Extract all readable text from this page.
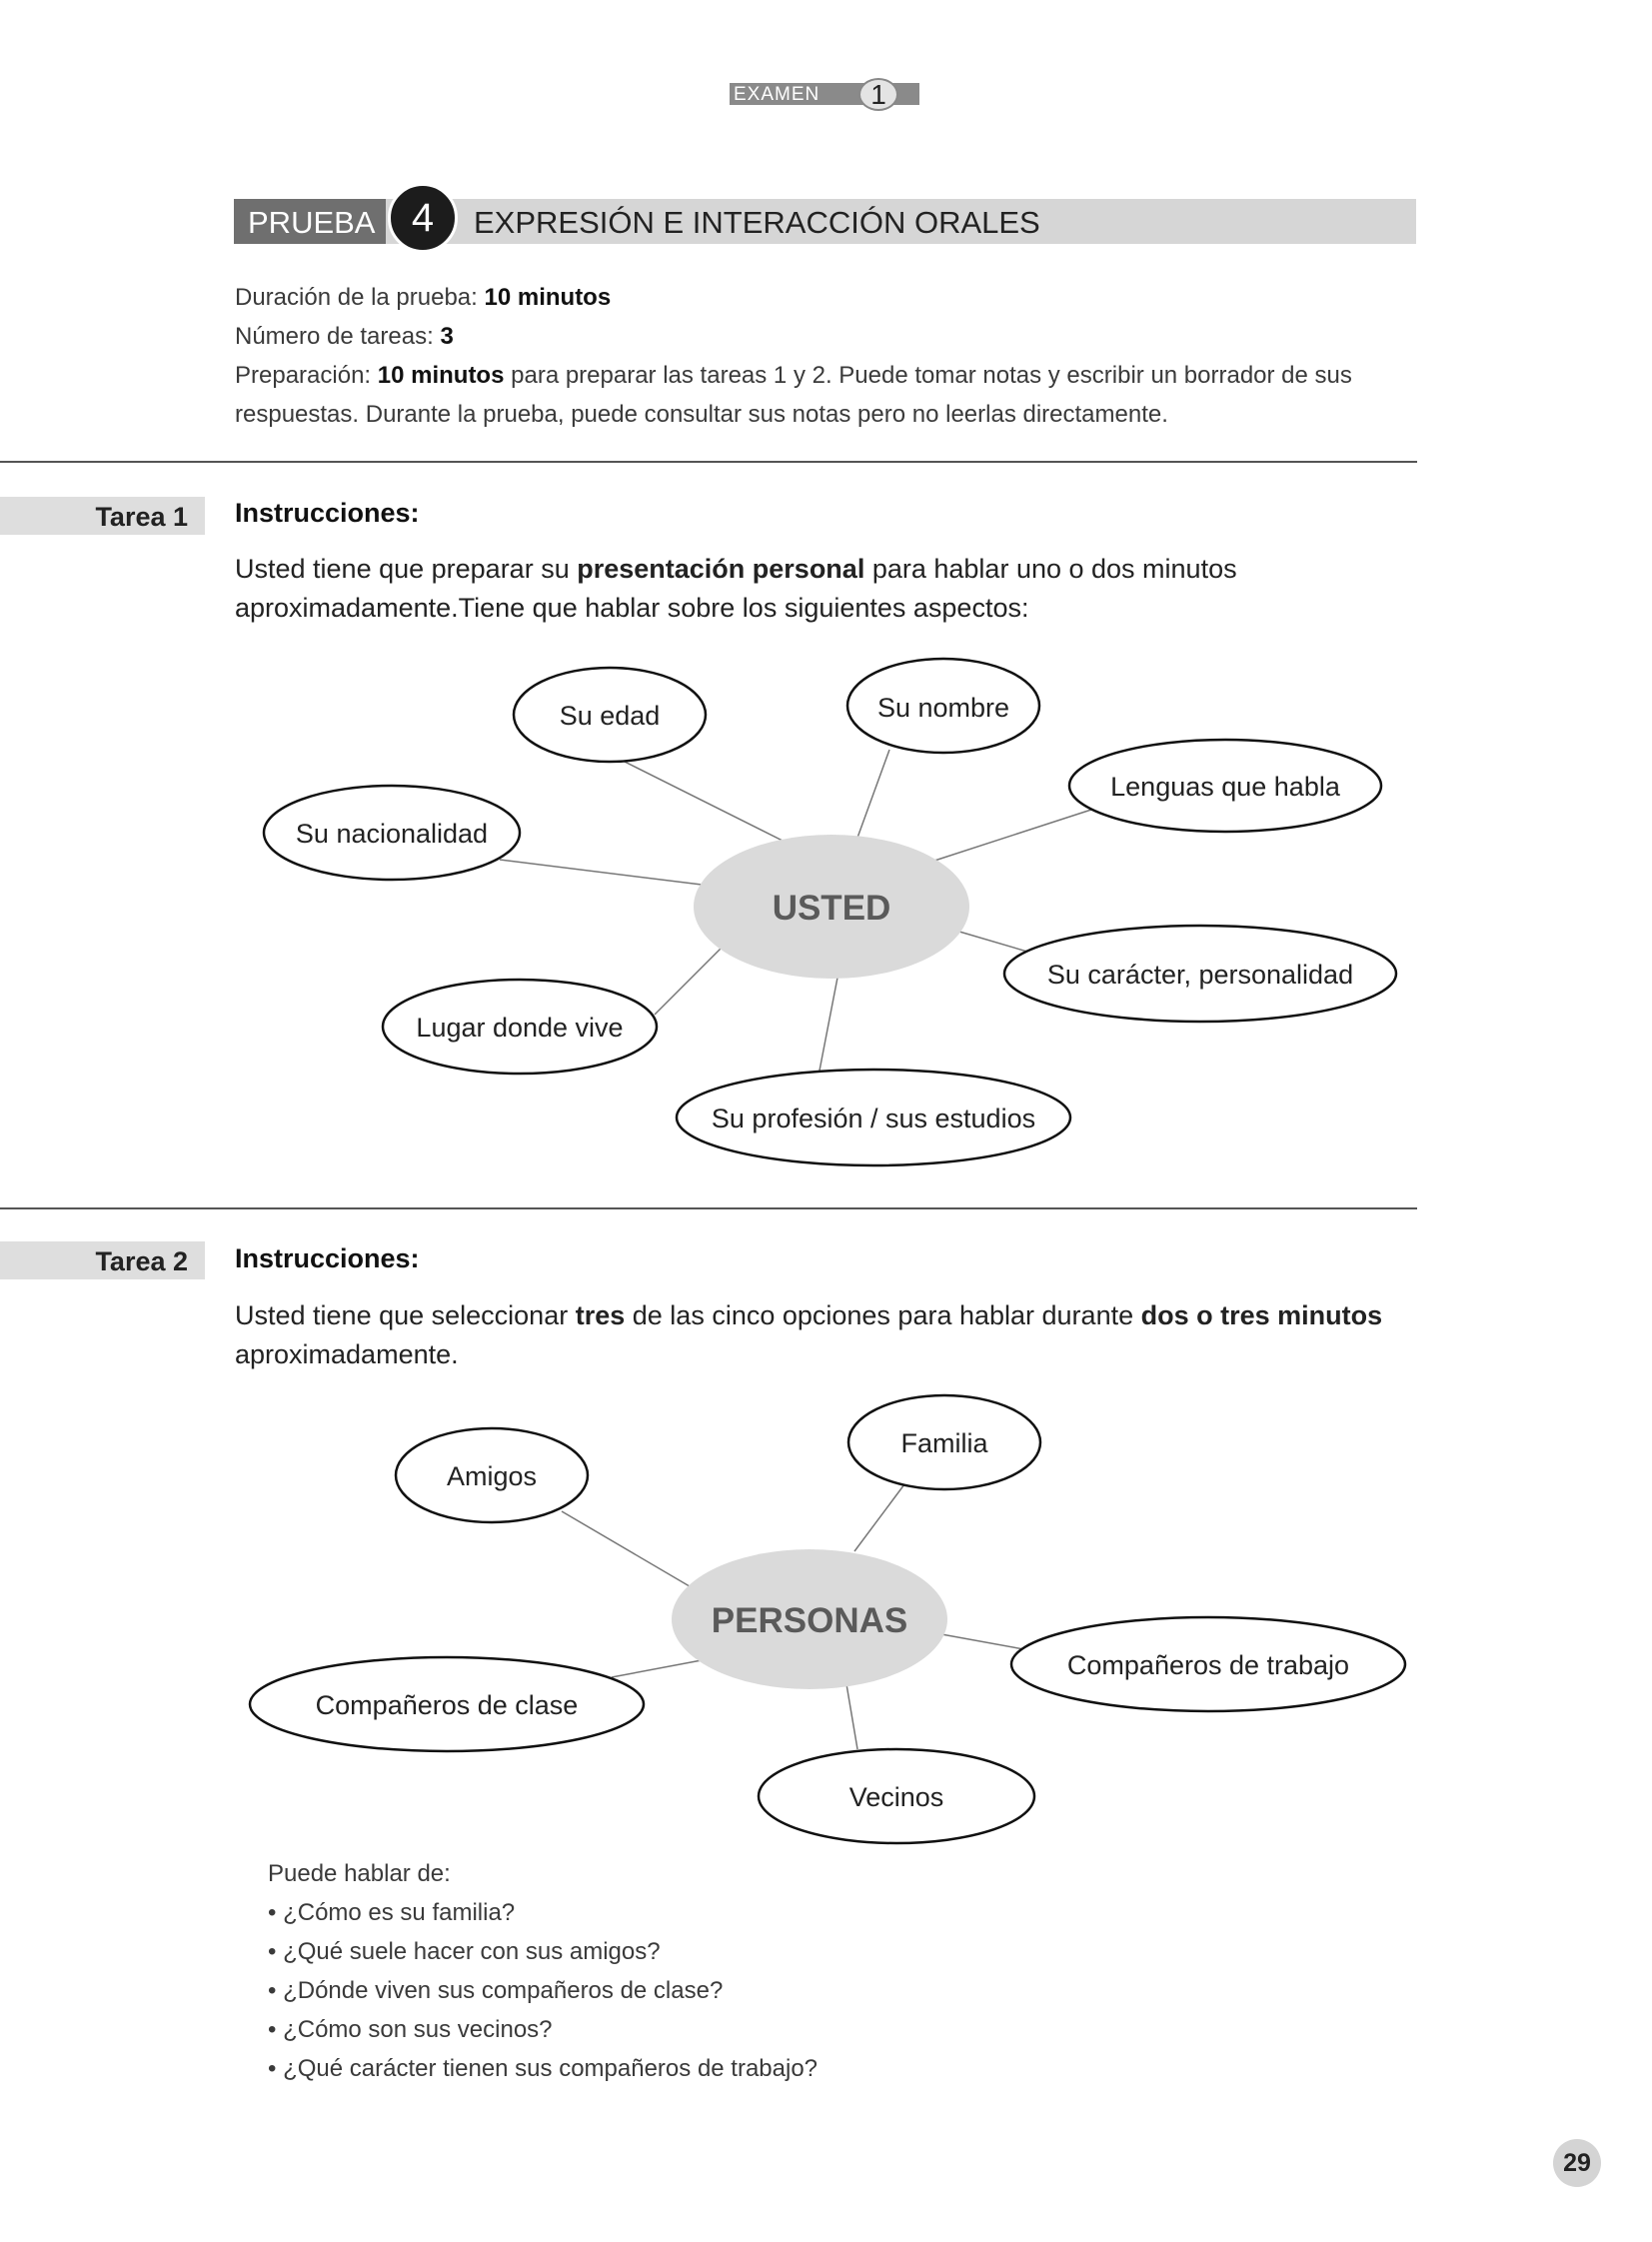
EXAMEN	1
PRUEBA 4	EXPRESIÓN E INTERACCIÓN ORALES
Duración de la prueba: 10 minutos
Número de tareas: 3
Preparación: 10 minutos para preparar las tareas 1 y 2. Puede tomar notas y escribir un borrador de sus respuestas. Durante la prueba, puede consultar sus notas pero no leerlas directamente.
Tarea 1 Instrucciones:
Usted tiene que preparar su presentación personal para hablar uno o dos minutos aproximadamente.Tiene que hablar sobre los siguientes aspectos:
USTED
Su edad	Su nombre
Lenguas que habla
Su nacionalidad
Su carácter, personalidad
Lugar donde vive
Su profesión / sus estudios
PERSONAS
Amigos
Familia
Compañeros de clase
Compañeros de trabajo
Vecinos
Tarea 2 Instrucciones:
Usted tiene que seleccionar tres de las cinco opciones para hablar durante dos o tres minutos aproximadamente.
Puede hablar de:
• ¿Cómo es su familia?
• ¿Qué suele hacer con sus amigos?
• ¿Dónde viven sus compañeros de clase?
• ¿Cómo son sus vecinos?
• ¿Qué carácter tienen sus compañeros de trabajo?
29
